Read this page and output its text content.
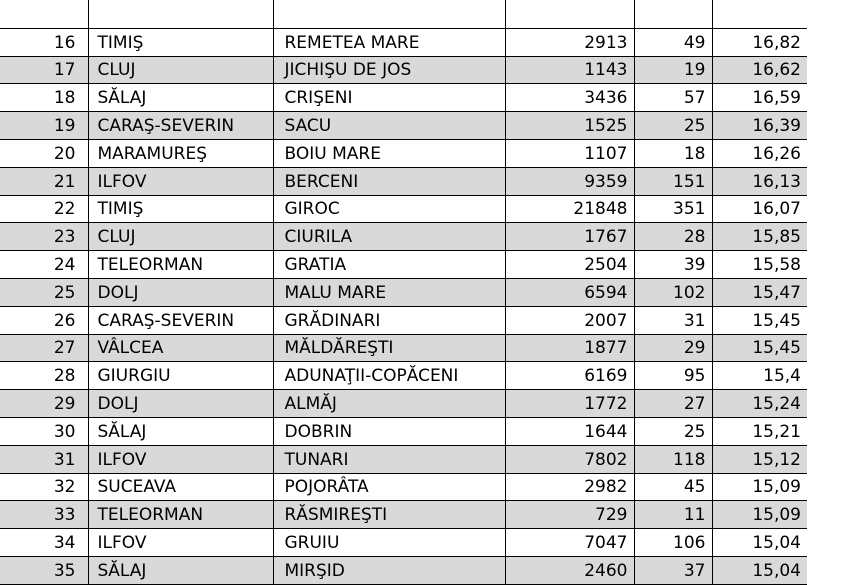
16	TIMIŞ	REMETEA MARE	2913	49	16,82
17	CLUJ	JICHIŞU DE JOS	1143	19	16,62
18	SĂLAJ	CRIŞENI	3436	57	16,59
19	CARAŞ-SEVERIN	SACU	1525	25	16,39
20	MARAMUREŞ	BOIU MARE	1107	18	16,26
21	ILFOV	BERCENI	9359	151	16,13
22	TIMIŞ	GIROC	21848	351	16,07
23	CLUJ	CIURILA	1767	28	15,85
24	TELEORMAN	GRATIA	2504	39	15,58
25	DOLJ	MALU MARE	6594	102	15,47
26	CARAŞ-SEVERIN	GRĂDINARI	2007	31	15,45
27	VÂLCEA	MĂLDĂREŞTI	1877	29	15,45
28	GIURGIU	ADUNAŢII-COPĂCENI	6169	95	15,4
29	DOLJ	ALMĂJ	1772	27	15,24
30	SĂLAJ	DOBRIN	1644	25	15,21
31	ILFOV	TUNARI	7802	118	15,12
32	SUCEAVA	POJORÂTA	2982	45	15,09
33	TELEORMAN	RĂSMIREŞTI	729	11	15,09
34	ILFOV	GRUIU	7047	106	15,04
35	SĂLAJ	MIRŞID	2460	37	15,04
